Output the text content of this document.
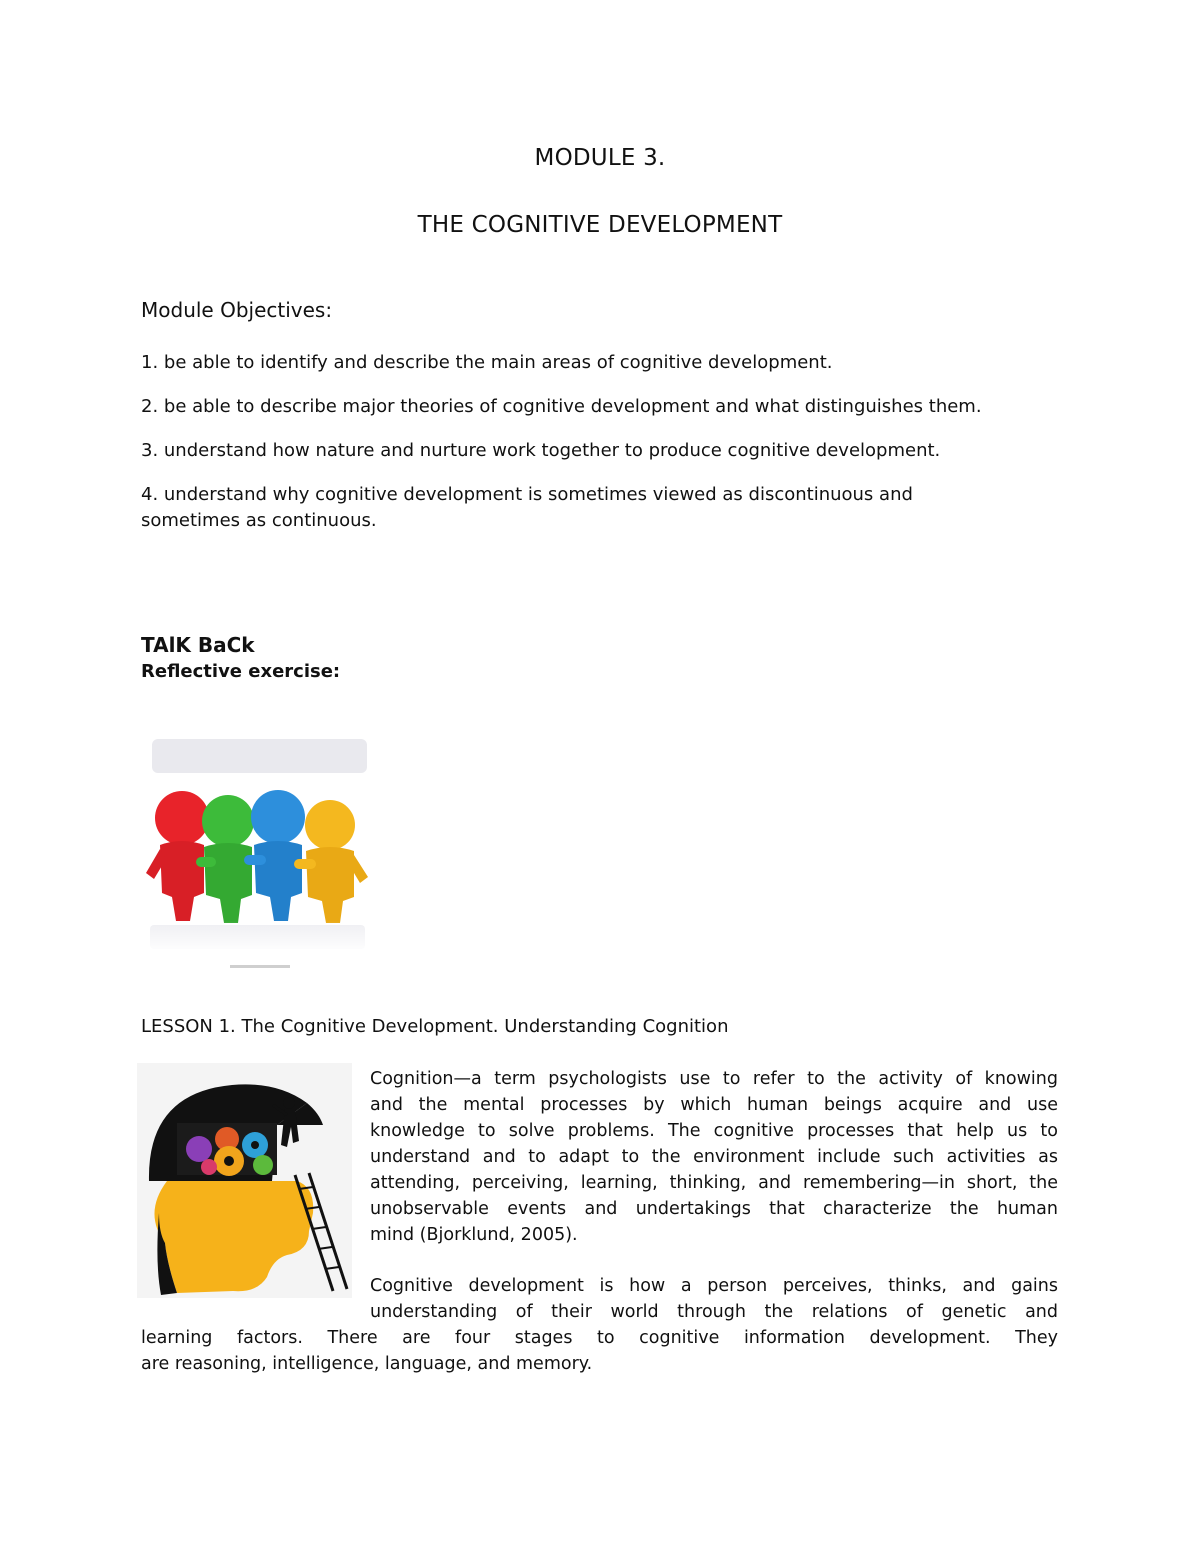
MODULE 3.
THE COGNITIVE DEVELOPMENT
Module Objectives:
1. be able to identify and describe the main areas of cognitive development.
2. be able to describe major theories of cognitive development and what distinguishes them.
3. understand how nature and nurture work together to produce cognitive development.
4. understand why cognitive development is sometimes viewed as discontinuous and
sometimes as continuous.
TAlK BaCk
Reflective exercise:
LESSON 1. The Cognitive Development. Understanding Cognition
Cognition—a term psychologists use to refer to the activity of knowing
and the mental processes by which human beings acquire and use
knowledge to solve problems. The cognitive processes that help us to
understand and to adapt to the environment include such activities as
attending, perceiving, learning, thinking, and remembering—in short, the
unobservable events and undertakings that characterize the human
mind (Bjorklund, 2005).
Cognitive development is how a person perceives, thinks, and gains
understanding of their world through the relations of genetic and
learning factors. There are four stages to cognitive information development. They
are reasoning, intelligence, language, and memory.
